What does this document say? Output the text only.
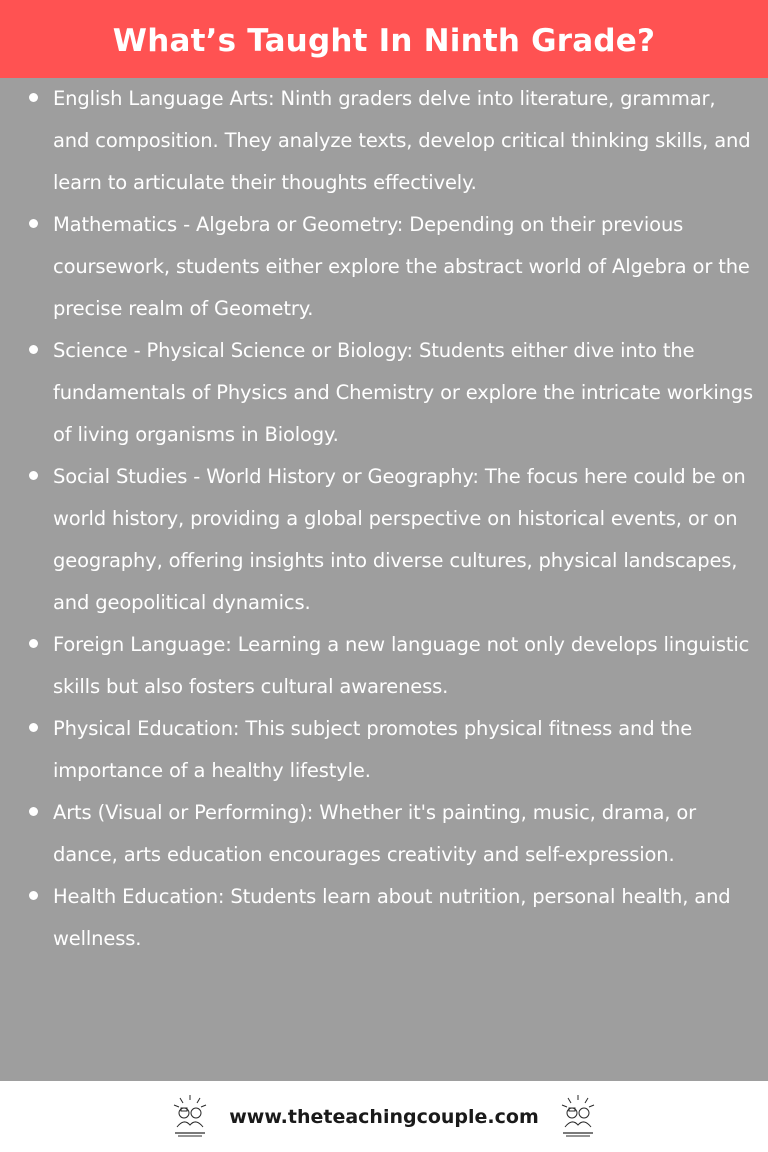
What’s Taught In Ninth Grade?
English Language Arts: Ninth graders delve into literature, grammar, and composition. They analyze texts, develop critical thinking skills, and learn to articulate their thoughts effectively.
Mathematics - Algebra or Geometry: Depending on their previous coursework, students either explore the abstract world of Algebra or the precise realm of Geometry.
Science - Physical Science or Biology: Students either dive into the fundamentals of Physics and Chemistry or explore the intricate workings of living organisms in Biology.
Social Studies - World History or Geography: The focus here could be on world history, providing a global perspective on historical events, or on geography, offering insights into diverse cultures, physical landscapes, and geopolitical dynamics.
Foreign Language: Learning a new language not only develops linguistic skills but also fosters cultural awareness.
Physical Education: This subject promotes physical fitness and the importance of a healthy lifestyle.
Arts (Visual or Performing): Whether it's painting, music, drama, or dance, arts education encourages creativity and self-expression.
Health Education: Students learn about nutrition, personal health, and wellness.
www.theteachingcouple.com
